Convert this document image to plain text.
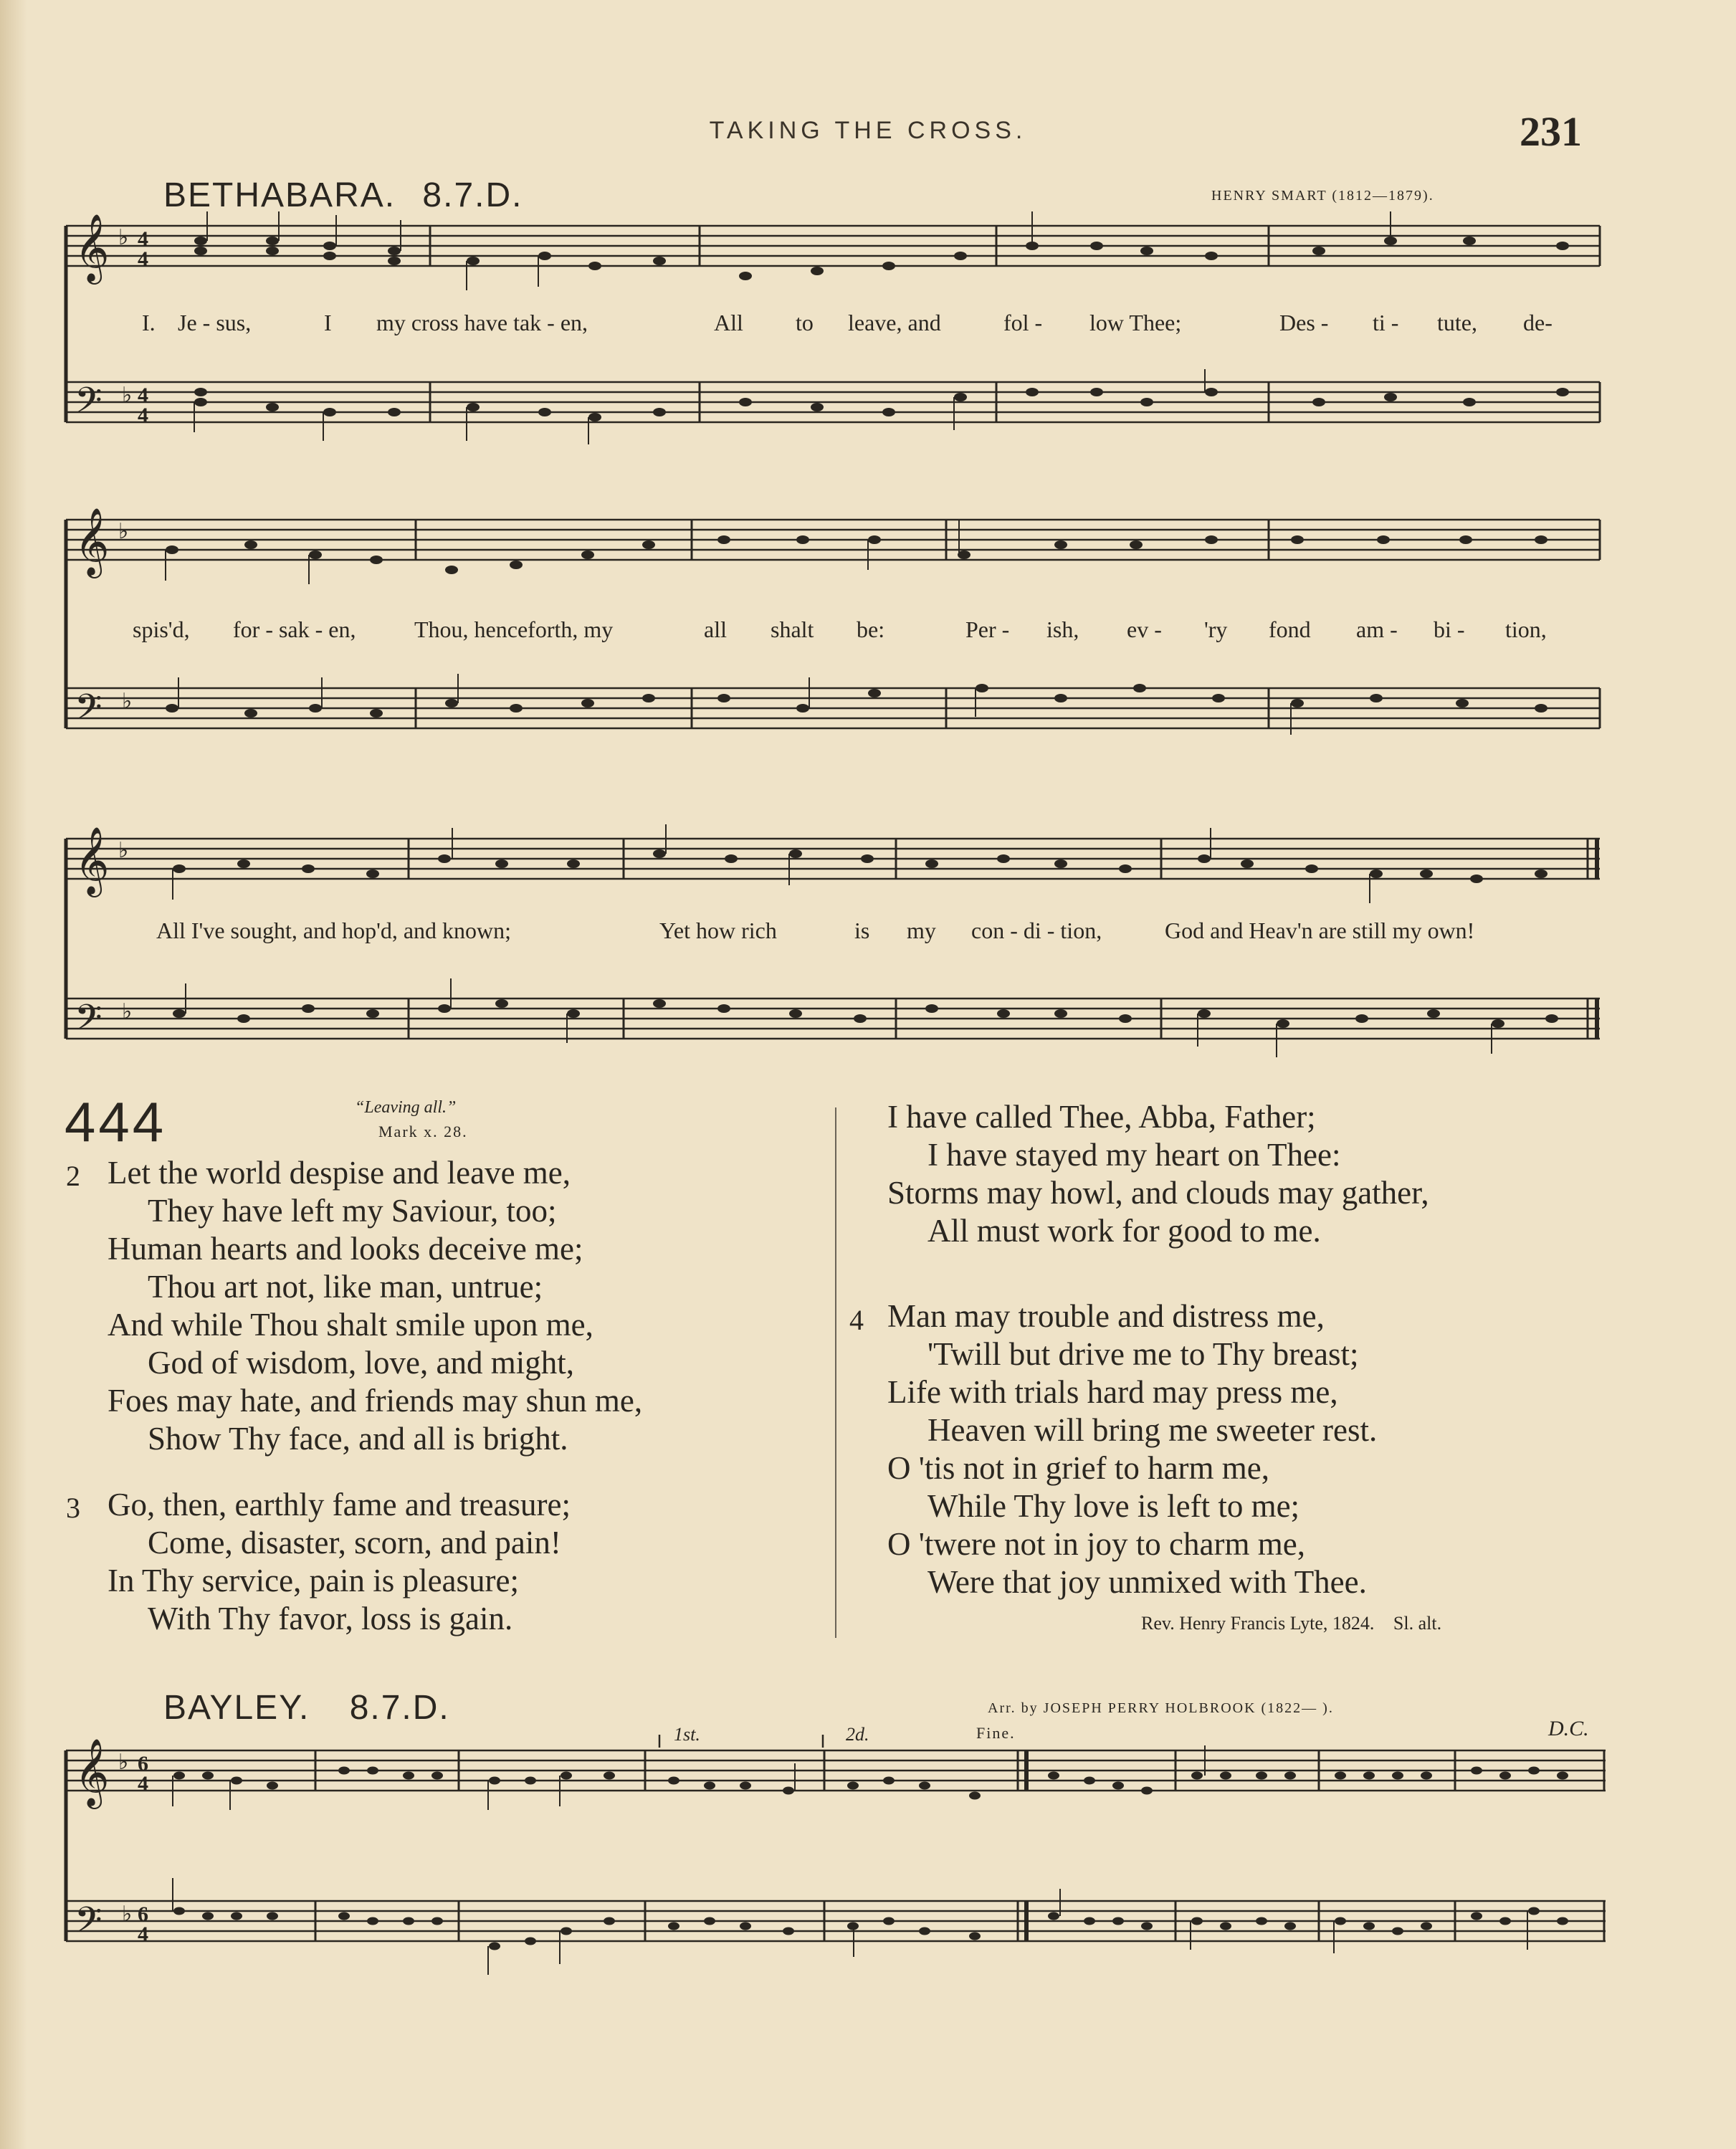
TAKING THE CROSS.	231
BETHABARA. 8.7.D.	HENRY SMART (1812—1879).
𝄞
𝄢
♭
♭
4
4
4
4
I. Je - sus,	I my cross have tak - en,	All to leave, and	fol - low Thee;	Des - ti - tute, de-
𝄞
𝄢
♭
♭
spis'd, for - sak - en,	Thou, henceforth, my	all shalt be:	Per - ish, ev - 'ry fond am - bi - tion,
𝄞
𝄢
♭
♭
All I've sought, and hop'd, and known;	Yet how rich	is my con - di - tion,	God and Heav'n are still my own!
444	“Leaving all.”
Mark x. 28.
2 Let the world despise and leave me,
They have left my Saviour, too;
Human hearts and looks deceive me;
Thou art not, like man, untrue;
And while Thou shalt smile upon me,
God of wisdom, love, and might,
Foes may hate, and friends may shun me,
Show Thy face, and all is bright.
3 Go, then, earthly fame and treasure;
Come, disaster, scorn, and pain!
In Thy service, pain is pleasure;
With Thy favor, loss is gain.
I have called Thee, Abba, Father;
I have stayed my heart on Thee:
Storms may howl, and clouds may gather,
All must work for good to me.
4 Man may trouble and distress me,
'Twill but drive me to Thy breast;
Life with trials hard may press me,
Heaven will bring me sweeter rest.
O 'tis not in grief to harm me,
While Thy love is left to me;
O 'twere not in joy to charm me,
Were that joy unmixed with Thee.
Rev. Henry Francis Lyte, 1824. Sl. alt.
BAYLEY. 8.7.D.	Arr. by JOSEPH PERRY HOLBROOK (1822— ).
1st.	2d.	Fine.	D.C.
𝄞
𝄢
♭
♭
6
4
6
4
